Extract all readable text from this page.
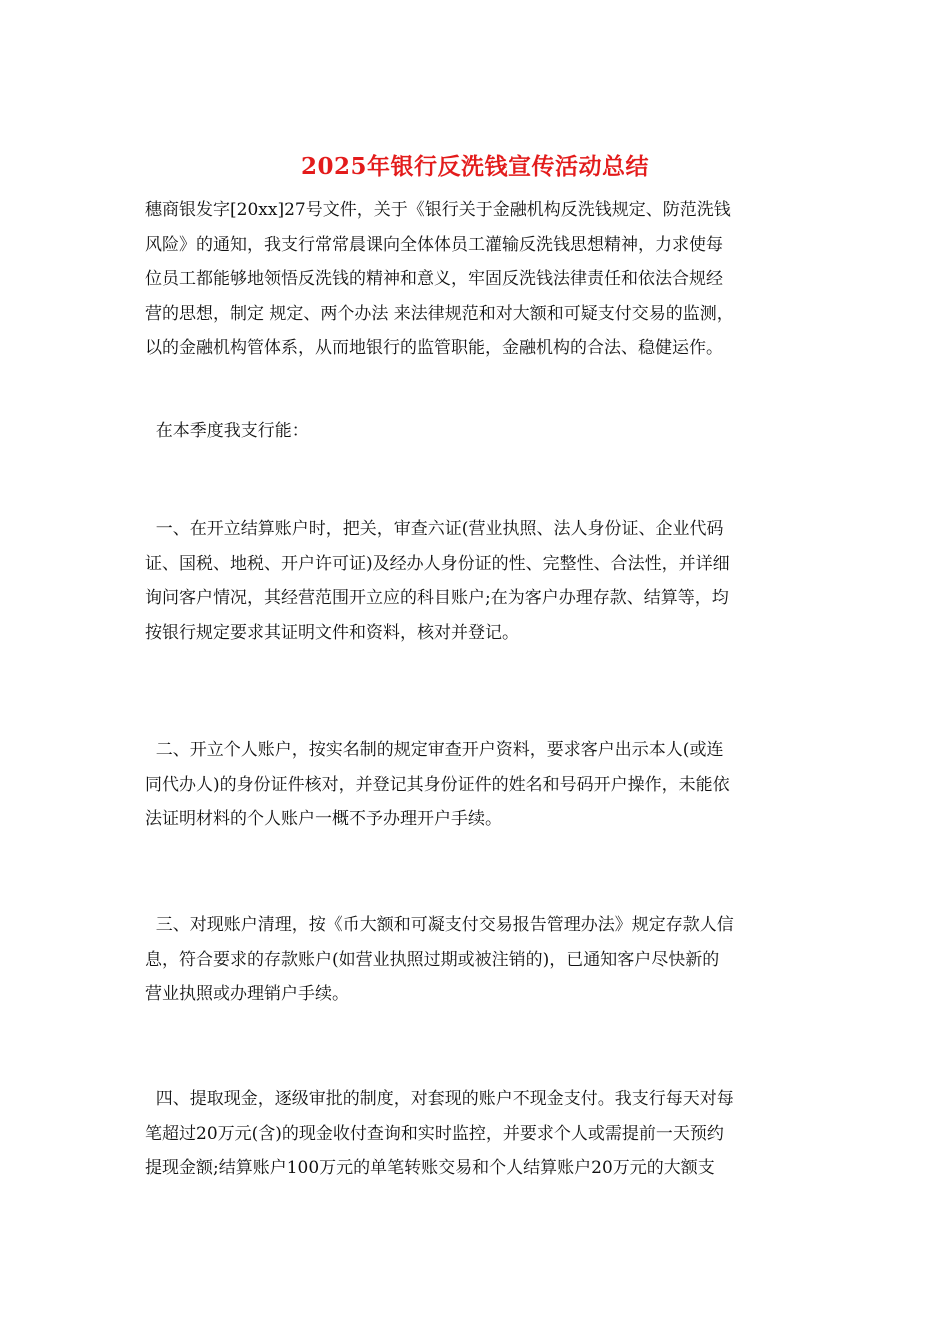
2025年银行反洗钱宣传活动总结

穗商银发字[20xx]27号文件，关于《银行关于金融机构反洗钱规定、防范洗钱
风险》的通知，我支行常常晨课向全体体员工灌输反洗钱思想精神，力求使每
位员工都能够地领悟反洗钱的精神和意义，牢固反洗钱法律责任和依法合规经
营的思想，制定 规定、两个办法 来法律规范和对大额和可疑支付交易的监测，
以的金融机构管体系，从而地银行的监管职能，金融机构的合法、稳健运作。

在本季度我支行能：

一、在开立结算账户时，把关，审查六证(营业执照、法人身份证、企业代码
证、国税、地税、开户许可证)及经办人身份证的性、完整性、合法性，并详细
询问客户情况，其经营范围开立应的科目账户;在为客户办理存款、结算等，均
按银行规定要求其证明文件和资料，核对并登记。

二、开立个人账户，按实名制的规定审查开户资料，要求客户出示本人(或连
同代办人)的身份证件核对，并登记其身份证件的姓名和号码开户操作，未能依
法证明材料的个人账户一概不予办理开户手续。

三、对现账户清理，按《币大额和可凝支付交易报告管理办法》规定存款人信
息，符合要求的存款账户(如营业执照过期或被注销的)，已通知客户尽快新的
营业执照或办理销户手续。

四、提取现金，逐级审批的制度，对套现的账户不现金支付。我支行每天对每
笔超过20万元(含)的现金收付查询和实时监控，并要求个人或需提前一天预约
提现金额;结算账户100万元的单笔转账交易和个人结算账户20万元的大额支
